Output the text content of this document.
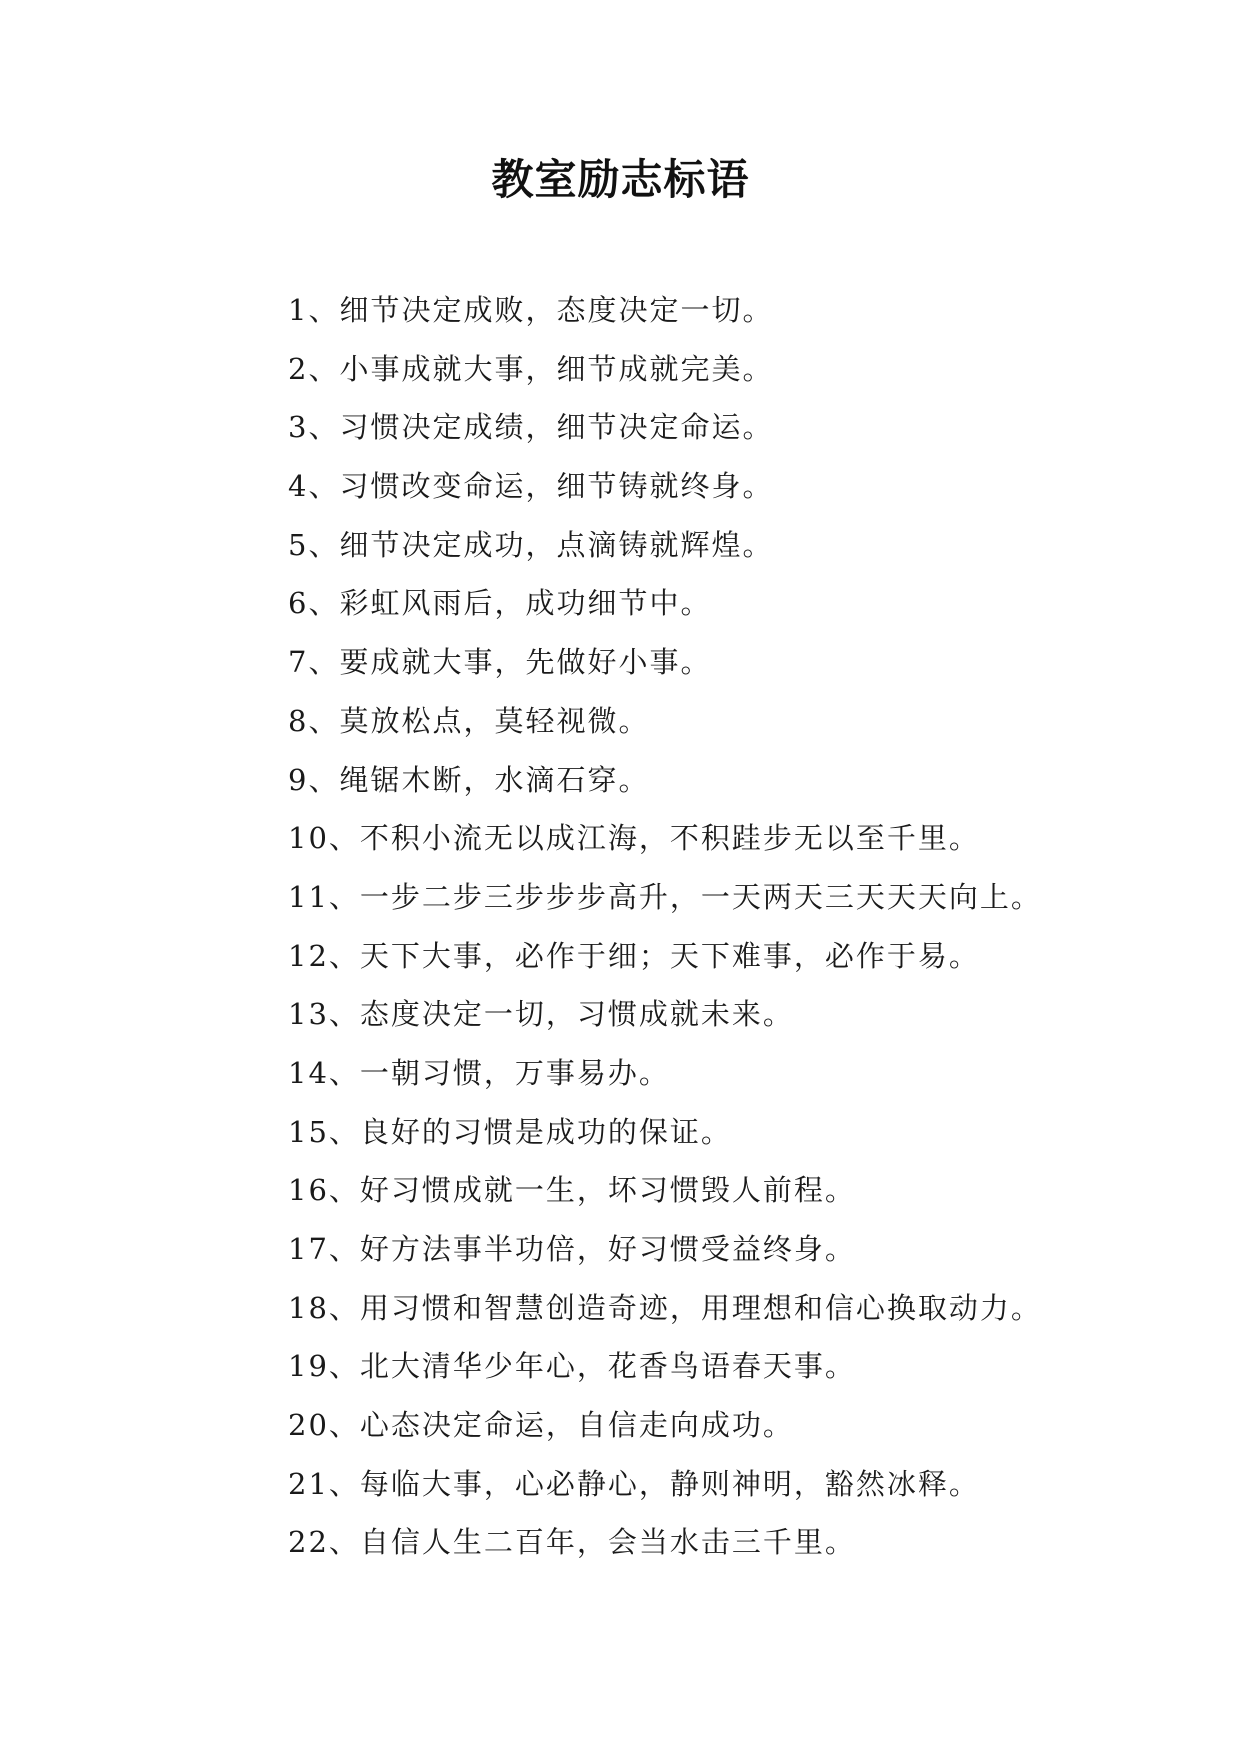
教室励志标语
1、细节决定成败，态度决定一切。
2、小事成就大事，细节成就完美。
3、习惯决定成绩，细节决定命运。
4、习惯改变命运，细节铸就终身。
5、细节决定成功，点滴铸就辉煌。
6、彩虹风雨后，成功细节中。
7、要成就大事，先做好小事。
8、莫放松点，莫轻视微。
9、绳锯木断，水滴石穿。
10、不积小流无以成江海，不积跬步无以至千里。
11、一步二步三步步步高升，一天两天三天天天向上。
12、天下大事，必作于细；天下难事，必作于易。
13、态度决定一切，习惯成就未来。
14、一朝习惯，万事易办。
15、良好的习惯是成功的保证。
16、好习惯成就一生，坏习惯毁人前程。
17、好方法事半功倍，好习惯受益终身。
18、用习惯和智慧创造奇迹，用理想和信心换取动力。
19、北大清华少年心，花香鸟语春天事。
20、心态决定命运，自信走向成功。
21、每临大事，心必静心，静则神明，豁然冰释。
22、自信人生二百年，会当水击三千里。
